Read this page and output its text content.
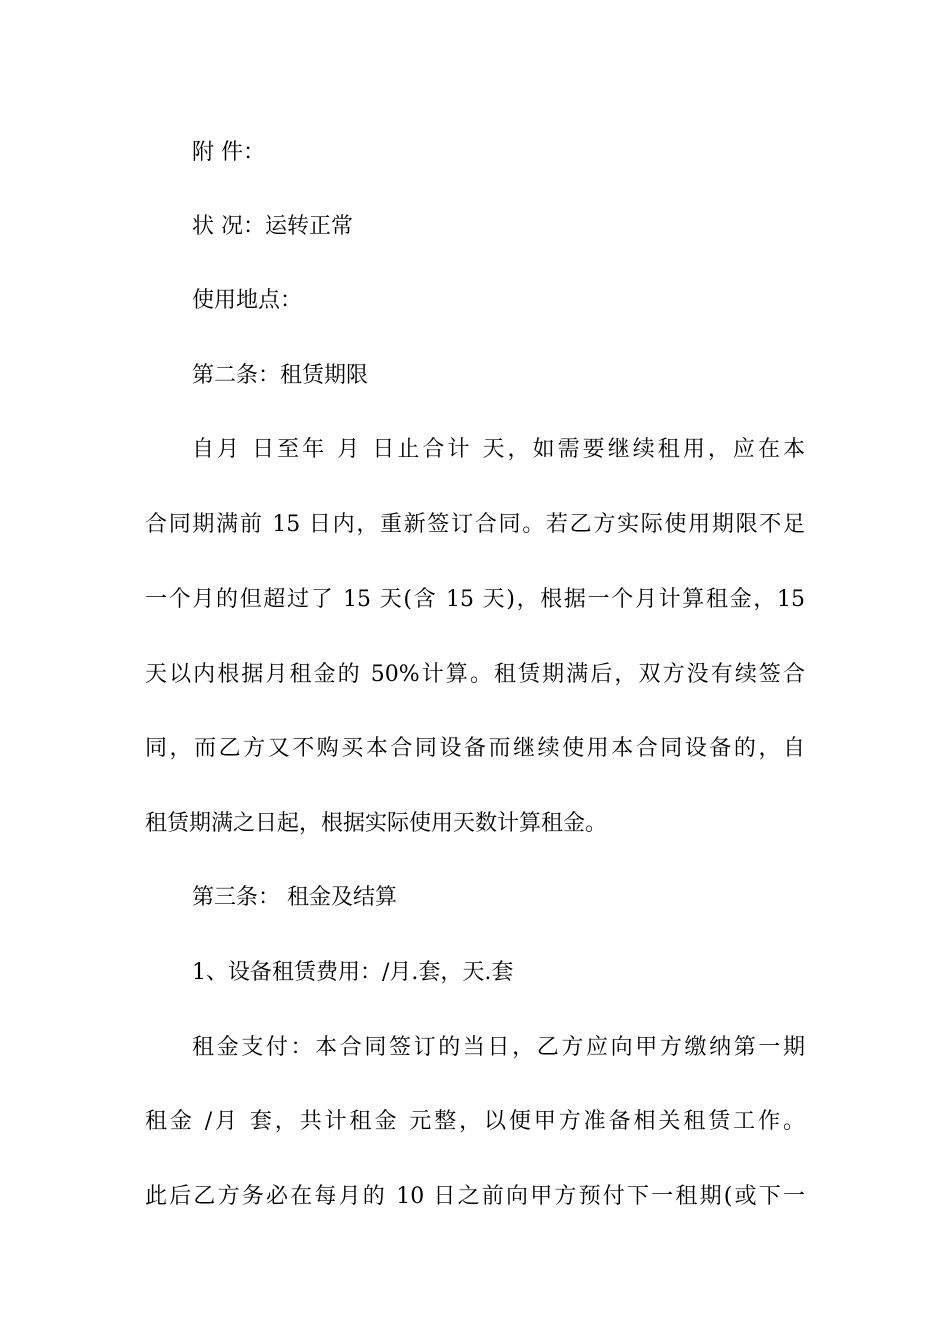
附 件：

状 况：运转正常

使用地点：

第二条：租赁期限

自月 日至年 月 日止合计 天，如需要继续租用，应在本

合同期满前 15 日内，重新签订合同。若乙方实际使用期限不足

一个月的但超过了 15 天(含 15 天)，根据一个月计算租金，15

天以内根据月租金的 50%计算。租赁期满后，双方没有续签合

同，而乙方又不购买本合同设备而继续使用本合同设备的，自

租赁期满之日起，根据实际使用天数计算租金。

第三条： 租金及结算

1、设备租赁费用：/月.套，天.套

租金支付：本合同签订的当日，乙方应向甲方缴纳第一期

租金 /月 套，共计租金 元整，以便甲方准备相关租赁工作。

此后乙方务必在每月的 10 日之前向甲方预付下一租期(或下一
